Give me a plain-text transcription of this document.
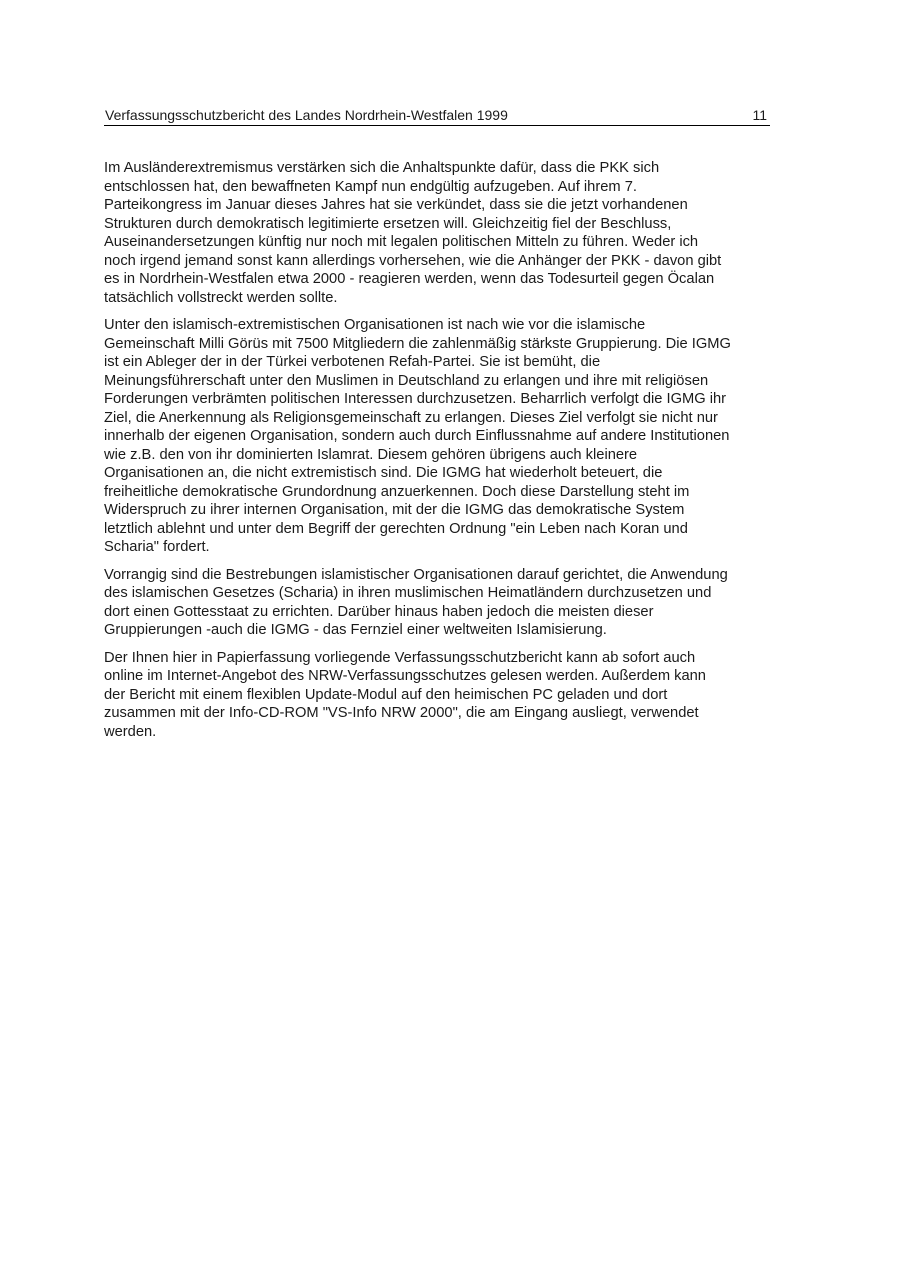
Verfassungsschutzbericht des Landes Nordrhein-Westfalen 1999	11

Im Ausländerextremismus verstärken sich die Anhaltspunkte dafür, dass die PKK sich
entschlossen hat, den bewaffneten Kampf nun endgültig aufzugeben. Auf ihrem 7.
Parteikongress im Januar dieses Jahres hat sie verkündet, dass sie die jetzt vorhandenen
Strukturen durch demokratisch legitimierte ersetzen will. Gleichzeitig fiel der Beschluss,
Auseinandersetzungen künftig nur noch mit legalen politischen Mitteln zu führen. Weder ich
noch irgend jemand sonst kann allerdings vorhersehen, wie die Anhänger der PKK - davon gibt
es in Nordrhein-Westfalen etwa 2000 - reagieren werden, wenn das Todesurteil gegen Öcalan
tatsächlich vollstreckt werden sollte.

Unter den islamisch-extremistischen Organisationen ist nach wie vor die islamische
Gemeinschaft Milli Görüs mit 7500 Mitgliedern die zahlenmäßig stärkste Gruppierung. Die IGMG
ist ein Ableger der in der Türkei verbotenen Refah-Partei. Sie ist bemüht, die
Meinungsführerschaft unter den Muslimen in Deutschland zu erlangen und ihre mit religiösen
Forderungen verbrämten politischen Interessen durchzusetzen. Beharrlich verfolgt die IGMG ihr
Ziel, die Anerkennung als Religionsgemeinschaft zu erlangen. Dieses Ziel verfolgt sie nicht nur
innerhalb der eigenen Organisation, sondern auch durch Einflussnahme auf andere Institutionen
wie z.B. den von ihr dominierten Islamrat. Diesem gehören übrigens auch kleinere
Organisationen an, die nicht extremistisch sind. Die IGMG hat wiederholt beteuert, die
freiheitliche demokratische Grundordnung anzuerkennen. Doch diese Darstellung steht im
Widerspruch zu ihrer internen Organisation, mit der die IGMG das demokratische System
letztlich ablehnt und unter dem Begriff der gerechten Ordnung "ein Leben nach Koran und
Scharia" fordert.

Vorrangig sind die Bestrebungen islamistischer Organisationen darauf gerichtet, die Anwendung
des islamischen Gesetzes (Scharia) in ihren muslimischen Heimatländern durchzusetzen und
dort einen Gottesstaat zu errichten. Darüber hinaus haben jedoch die meisten dieser
Gruppierungen -auch die IGMG - das Fernziel einer weltweiten Islamisierung.

Der Ihnen hier in Papierfassung vorliegende Verfassungsschutzbericht kann ab sofort auch
online im Internet-Angebot des NRW-Verfassungsschutzes gelesen werden. Außerdem kann
der Bericht mit einem flexiblen Update-Modul auf den heimischen PC geladen und dort
zusammen mit der Info-CD-ROM "VS-Info NRW 2000", die am Eingang ausliegt, verwendet
werden.
